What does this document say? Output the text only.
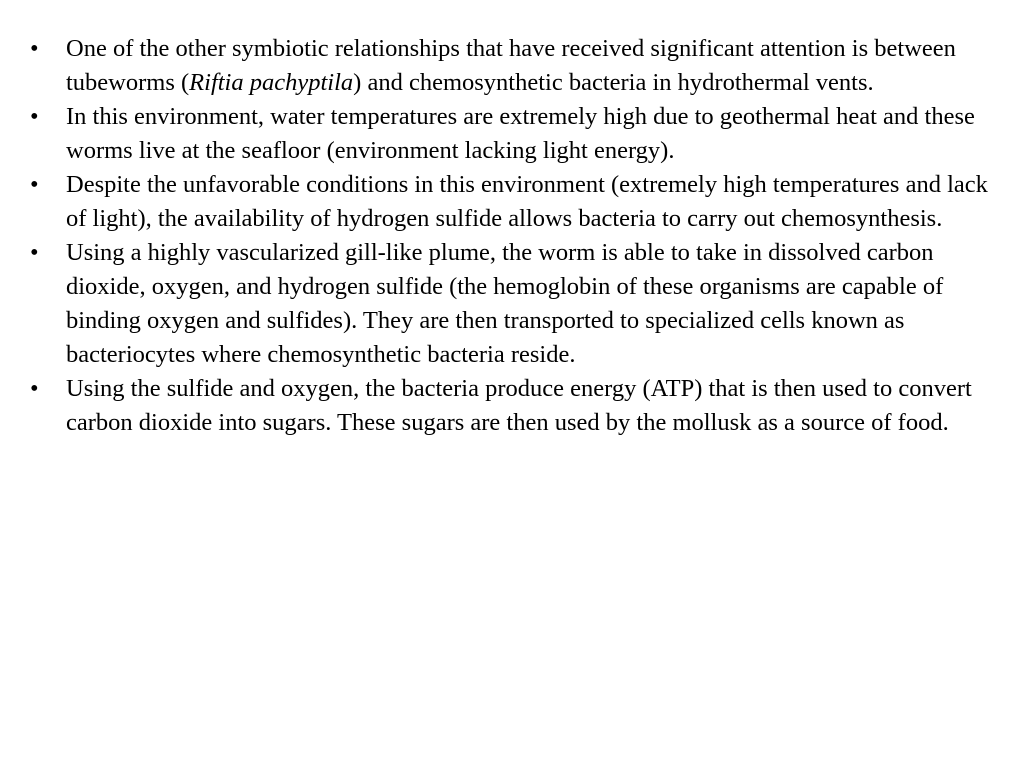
•	One of the other symbiotic relationships that have received significant attention is between tubeworms (Riftia pachyptila) and chemosynthetic bacteria in hydrothermal vents.
•	In this environment, water temperatures are extremely high due to geothermal heat and these worms live at the seafloor (environment lacking light energy).
•	Despite the unfavorable conditions in this environment (extremely high temperatures and lack of light), the availability of hydrogen sulfide allows bacteria to carry out chemosynthesis.
•	Using a highly vascularized gill-like plume, the worm is able to take in dissolved carbon dioxide, oxygen, and hydrogen sulfide (the hemoglobin of these organisms are capable of binding oxygen and sulfides). They are then transported to specialized cells known as bacteriocytes where chemosynthetic bacteria reside.
•	Using the sulfide and oxygen, the bacteria produce energy (ATP) that is then used to convert carbon dioxide into sugars. These sugars are then used by the mollusk as a source of food.
